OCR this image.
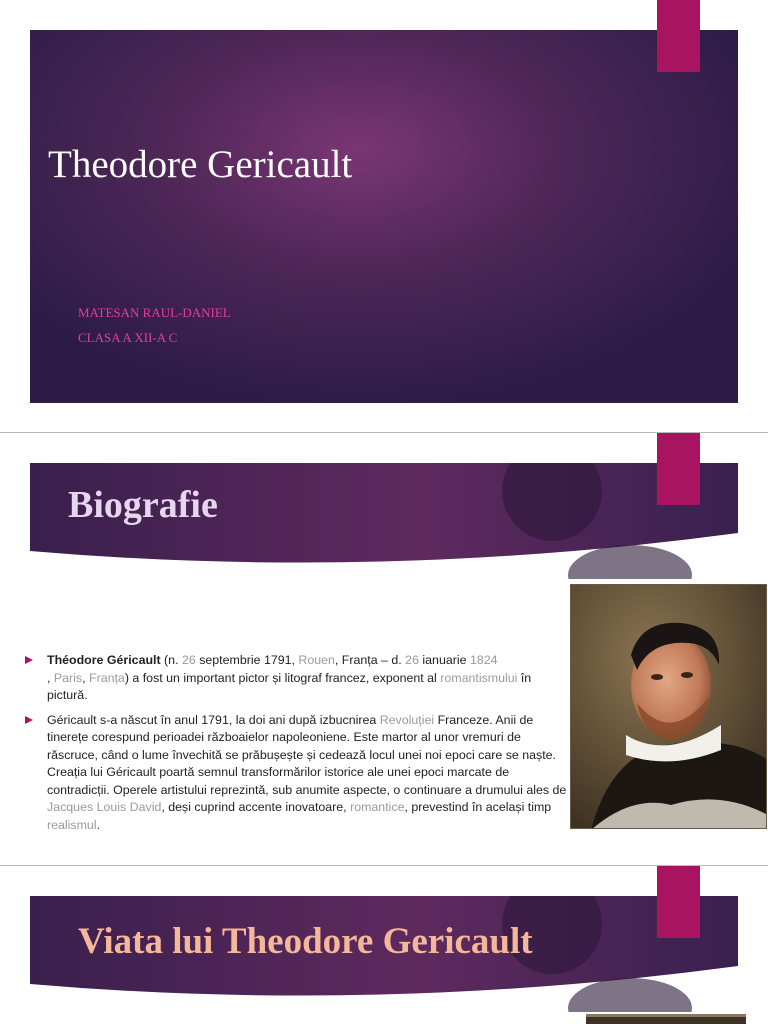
Theodore Gericault
MATESAN RAUL-DANIEL
CLASA A XII-A C
Biografie
Théodore Géricault (n. 26 septembrie 1791, Rouen, Franța – d. 26 ianuarie 1824
, Paris, Franța) a fost un important pictor și litograf francez, exponent al romantismului în pictură.
Géricault s-a născut în anul 1791, la doi ani după izbucnirea Revoluției Franceze. Anii de tinerețe corespund perioadei războaielor napoleoniene. Este martor al unor vremuri de răscruce, când o lume învechită se prăbușește și cedează locul unei noi epoci care se naște. Creația lui Géricault poartă semnul transformărilor istorice ale unei epoci marcate de contradicții. Operele artistului reprezintă, sub anumite aspecte, o continuare a drumului ales de Jacques Louis David, deși cuprind accente inovatoare, romantice, prevestind în același timp realismul.
Viata lui Theodore Gericault
